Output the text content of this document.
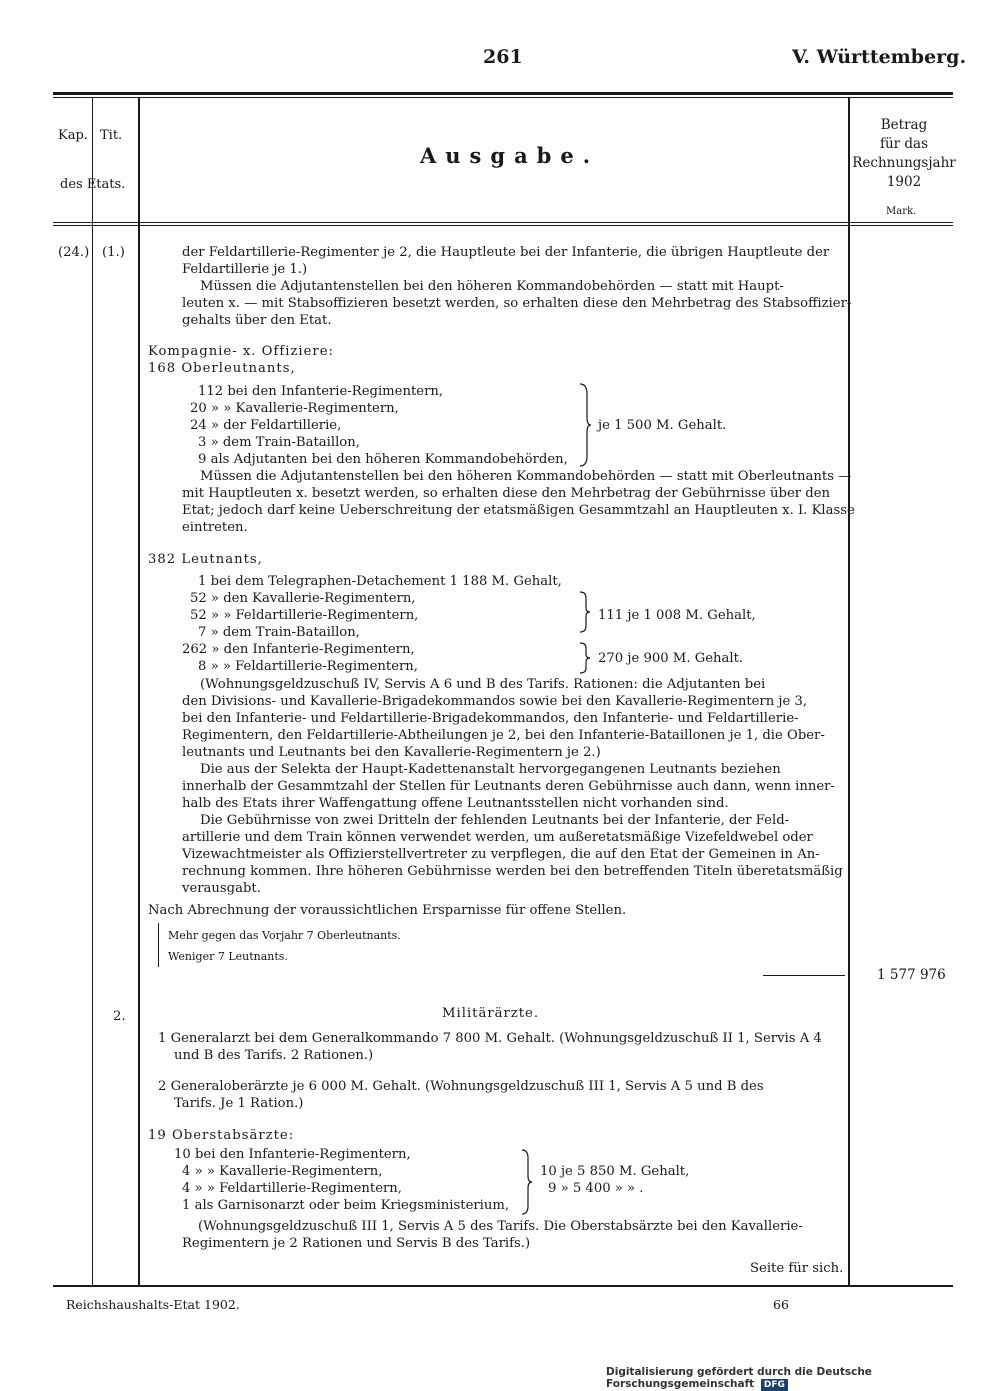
261	V. Württemberg.
Kap. Tit.
des Etats.
Ausgabe.
Betrag
für das
Rechnungsjahr
1902
Mark.
(24.) (1.)	der Feldartillerie-Regimenter je 2, die Hauptleute bei der Infanterie, die übrigen Hauptleute der
Feldartillerie je 1.)
Müssen die Adjutantenstellen bei den höheren Kommandobehörden — statt mit Haupt-
leuten x. — mit Stabsoffizieren besetzt werden, so erhalten diese den Mehrbetrag des Stabsoffizier-
gehalts über den Etat.
Kompagnie- x. Offiziere:
168 Oberleutnants,
112 bei den Infanterie-Regimentern,
20 » » Kavallerie-Regimentern,
24 » der Feldartillerie,
3 » dem Train-Bataillon,
9 als Adjutanten bei den höheren Kommandobehörden,
je 1 500 M. Gehalt.
Müssen die Adjutantenstellen bei den höheren Kommandobehörden — statt mit Oberleutnants —
mit Hauptleuten x. besetzt werden, so erhalten diese den Mehrbetrag der Gebührnisse über den
Etat; jedoch darf keine Ueberschreitung der etatsmäßigen Gesammtzahl an Hauptleuten x. I. Klasse
eintreten.
382 Leutnants,
1 bei dem Telegraphen-Detachement 1 188 M. Gehalt,
52 » den Kavallerie-Regimentern,
52 » » Feldartillerie-Regimentern,
7 » dem Train-Bataillon,
262 » den Infanterie-Regimentern,
8 » » Feldartillerie-Regimentern,
111 je 1 008 M. Gehalt,
270 je 900 M. Gehalt.
(Wohnungsgeldzuschuß IV, Servis A 6 und B des Tarifs. Rationen: die Adjutanten bei
den Divisions- und Kavallerie-Brigadekommandos sowie bei den Kavallerie-Regimentern je 3,
bei den Infanterie- und Feldartillerie-Brigadekommandos, den Infanterie- und Feldartillerie-
Regimentern, den Feldartillerie-Abtheilungen je 2, bei den Infanterie-Bataillonen je 1, die Ober-
leutnants und Leutnants bei den Kavallerie-Regimentern je 2.)
Die aus der Selekta der Haupt-Kadettenanstalt hervorgegangenen Leutnants beziehen
innerhalb der Gesammtzahl der Stellen für Leutnants deren Gebührnisse auch dann, wenn inner-
halb des Etats ihrer Waffengattung offene Leutnantsstellen nicht vorhanden sind.
Die Gebührnisse von zwei Dritteln der fehlenden Leutnants bei der Infanterie, der Feld-
artillerie und dem Train können verwendet werden, um außeretatsmäßige Vizefeldwebel oder
Vizewachtmeister als Offizierstellvertreter zu verpflegen, die auf den Etat der Gemeinen in An-
rechnung kommen. Ihre höheren Gebührnisse werden bei den betreffenden Titeln überetatsmäßig
verausgabt.
Nach Abrechnung der voraussichtlichen Ersparnisse für offene Stellen.
Mehr gegen das Vorjahr 7 Oberleutnants.
Weniger 7 Leutnants.
1 577 976
2.	Militärärzte.
1 Generalarzt bei dem Generalkommando 7 800 M. Gehalt. (Wohnungsgeldzuschuß II 1, Servis A 4
und B des Tarifs. 2 Rationen.)
2 Generaloberärzte je 6 000 M. Gehalt. (Wohnungsgeldzuschuß III 1, Servis A 5 und B des
Tarifs. Je 1 Ration.)
19 Oberstabsärzte:
10 bei den Infanterie-Regimentern,
4 » » Kavallerie-Regimentern,
4 » » Feldartillerie-Regimentern,
1 als Garnisonarzt oder beim Kriegsministerium,
10 je 5 850 M. Gehalt,
9 » 5 400 » » .
(Wohnungsgeldzuschuß III 1, Servis A 5 des Tarifs. Die Oberstabsärzte bei den Kavallerie-
Regimentern je 2 Rationen und Servis B des Tarifs.)
Seite für sich.
Reichshaushalts-Etat 1902.	66
Digitalisierung gefördert durch die Deutsche Forschungsgemeinschaft DFG
